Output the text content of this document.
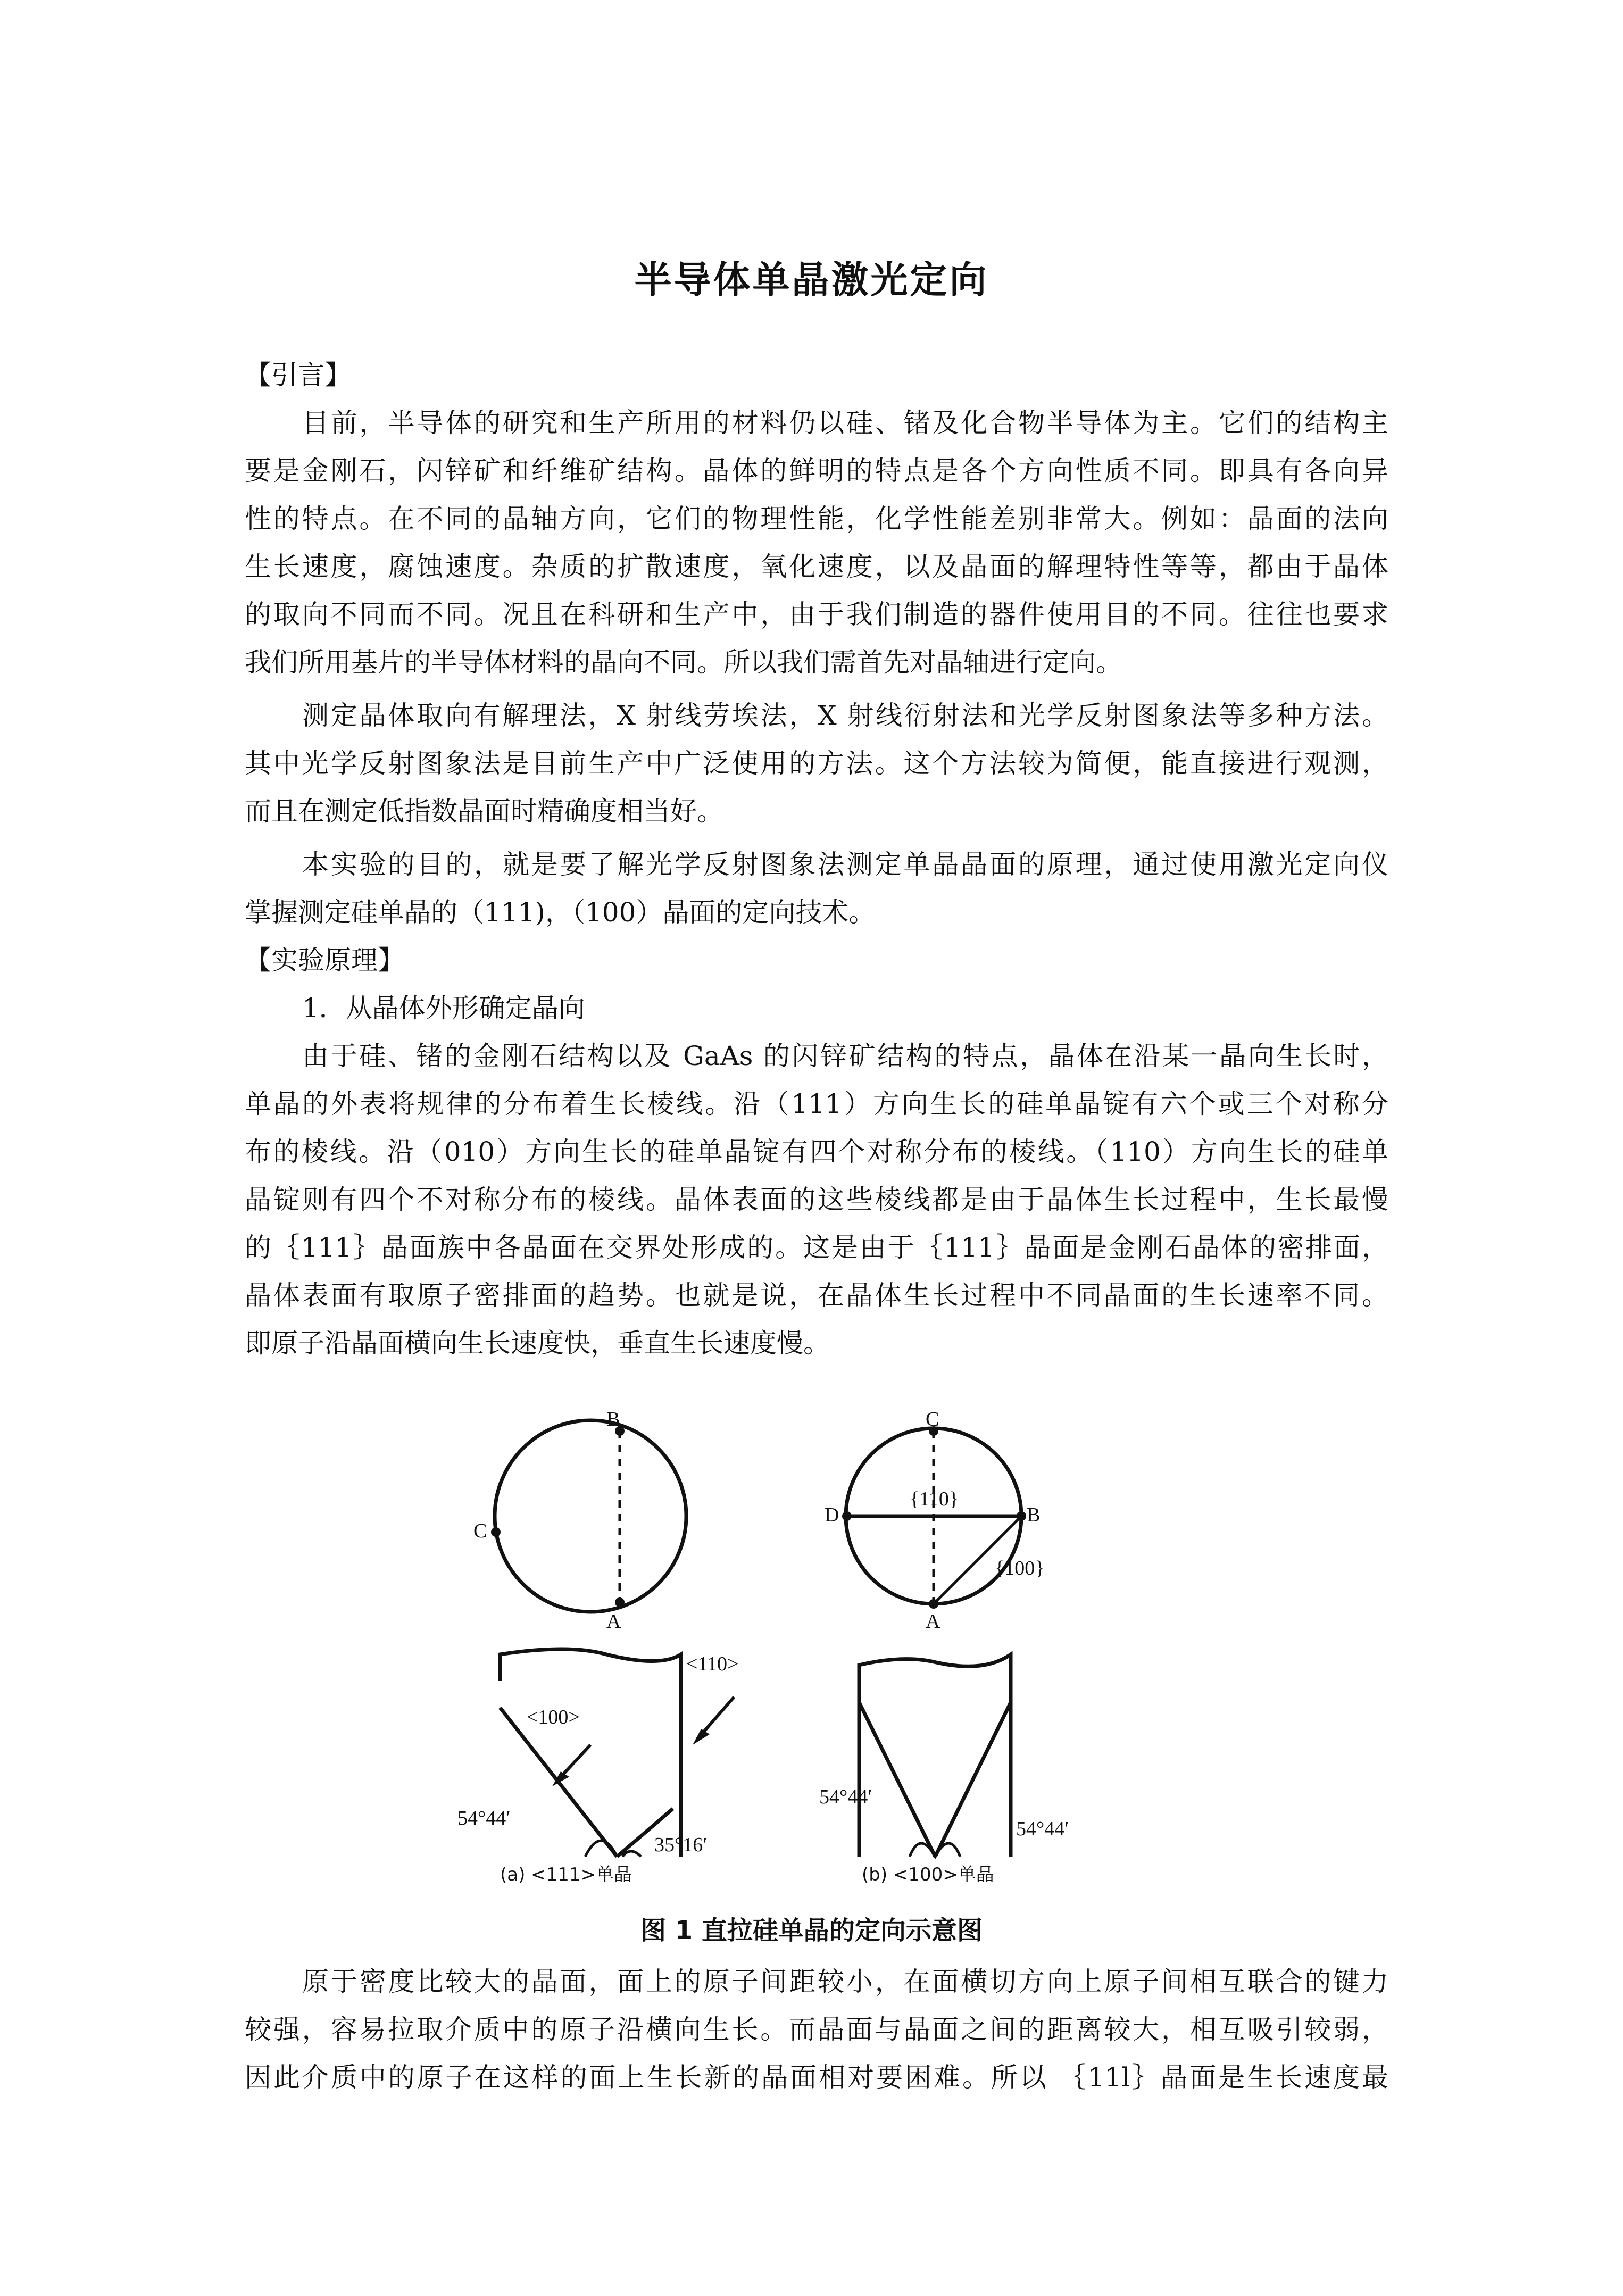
半导体单晶激光定向
【引言】
目前，半导体的研究和生产所用的材料仍以硅、锗及化合物半导体为主。它们的结构主
要是金刚石，闪锌矿和纤维矿结构。晶体的鲜明的特点是各个方向性质不同。即具有各向异
性的特点。在不同的晶轴方向，它们的物理性能，化学性能差别非常大。例如：晶面的法向
生长速度，腐蚀速度。杂质的扩散速度，氧化速度，以及晶面的解理特性等等，都由于晶体
的取向不同而不同。况且在科研和生产中，由于我们制造的器件使用目的不同。往往也要求
我们所用基片的半导体材料的晶向不同。所以我们需首先对晶轴进行定向。
测定晶体取向有解理法，X 射线劳埃法，X 射线衍射法和光学反射图象法等多种方法。
其中光学反射图象法是目前生产中广泛使用的方法。这个方法较为简便，能直接进行观测，
而且在测定低指数晶面时精确度相当好。
本实验的目的，就是要了解光学反射图象法测定单晶晶面的原理，通过使用激光定向仪
掌握测定硅单晶的（111)，（100）晶面的定向技术。
【实验原理】
1．从晶体外形确定晶向
由于硅、锗的金刚石结构以及 GaAs 的闪锌矿结构的特点，晶体在沿某一晶向生长时，
单晶的外表将规律的分布着生长棱线。沿（111）方向生长的硅单晶锭有六个或三个对称分
布的棱线。沿（010）方向生长的硅单晶锭有四个对称分布的棱线。（110）方向生长的硅单
晶锭则有四个不对称分布的棱线。晶体表面的这些棱线都是由于晶体生长过程中，生长最慢
的｛111｝晶面族中各晶面在交界处形成的。这是由于｛111｝晶面是金刚石晶体的密排面，
晶体表面有取原子密排面的趋势。也就是说，在晶体生长过程中不同晶面的生长速率不同。
即原子沿晶面横向生长速度快，垂直生长速度慢。
原于密度比较大的晶面，面上的原子间距较小，在面横切方向上原子间相互联合的键力
较强，容易拉取介质中的原子沿横向生长。而晶面与晶面之间的距离较大，相互吸引较弱，
因此介质中的原子在这样的面上生长新的晶面相对要困难。所以 ｛11l｝晶面是生长速度最
B
C
A
<110>
<100>
54°44′
35°16′
C
D	B
A
{110}
{100}
54°44′
54°44′
(a) <111>单晶	(b) <100>单晶
图 1 直拉硅单晶的定向示意图
